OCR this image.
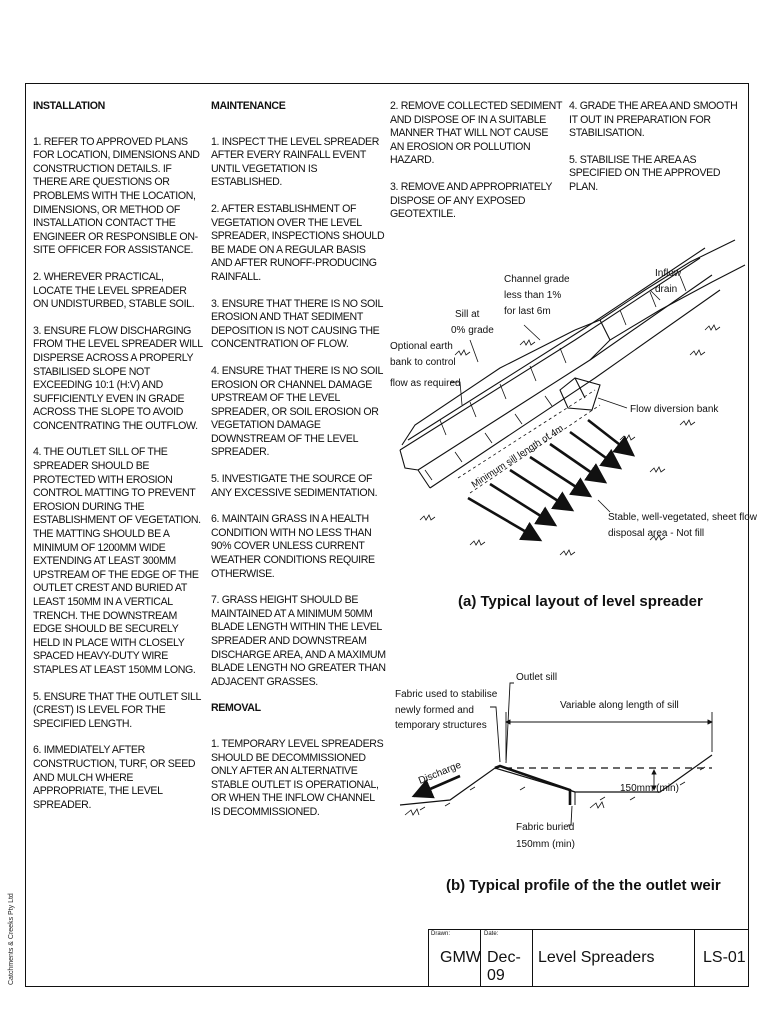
INSTALLATION

1. REFER TO APPROVED PLANS FOR LOCATION, DIMENSIONS AND CONSTRUCTION DETAILS. IF THERE ARE QUESTIONS OR PROBLEMS WITH THE LOCATION, DIMENSIONS, OR METHOD OF INSTALLATION CONTACT THE ENGINEER OR RESPONSIBLE ON-SITE OFFICER FOR ASSISTANCE.

2. WHEREVER PRACTICAL, LOCATE THE LEVEL SPREADER ON UNDISTURBED, STABLE SOIL.

3. ENSURE FLOW DISCHARGING FROM THE LEVEL SPREADER WILL DISPERSE ACROSS A PROPERLY STABILISED SLOPE NOT EXCEEDING 10:1 (H:V) AND SUFFICIENTLY EVEN IN GRADE ACROSS THE SLOPE TO AVOID CONCENTRATING THE OUTFLOW.

4. THE OUTLET SILL OF THE SPREADER SHOULD BE PROTECTED WITH EROSION CONTROL MATTING TO PREVENT EROSION DURING THE ESTABLISHMENT OF VEGETATION. THE MATTING SHOULD BE A MINIMUM OF 1200MM WIDE EXTENDING AT LEAST 300MM UPSTREAM OF THE EDGE OF THE OUTLET CREST AND BURIED AT LEAST 150MM IN A VERTICAL TRENCH. THE DOWNSTREAM EDGE SHOULD BE SECURELY HELD IN PLACE WITH CLOSELY SPACED HEAVY-DUTY WIRE STAPLES AT LEAST 150MM LONG.

5. ENSURE THAT THE OUTLET SILL (CREST) IS LEVEL FOR THE SPECIFIED LENGTH.

6. IMMEDIATELY AFTER CONSTRUCTION, TURF, OR SEED AND MULCH WHERE APPROPRIATE, THE LEVEL SPREADER.

MAINTENANCE

1. INSPECT THE LEVEL SPREADER AFTER EVERY RAINFALL EVENT UNTIL VEGETATION IS ESTABLISHED.

2. AFTER ESTABLISHMENT OF VEGETATION OVER THE LEVEL SPREADER, INSPECTIONS SHOULD BE MADE ON A REGULAR BASIS AND AFTER RUNOFF-PRODUCING RAINFALL.

3. ENSURE THAT THERE IS NO SOIL EROSION AND THAT SEDIMENT DEPOSITION IS NOT CAUSING THE CONCENTRATION OF FLOW.

4. ENSURE THAT THERE IS NO SOIL EROSION OR CHANNEL DAMAGE UPSTREAM OF THE LEVEL SPREADER, OR SOIL EROSION OR VEGETATION DAMAGE DOWNSTREAM OF THE LEVEL SPREADER.

5. INVESTIGATE THE SOURCE OF ANY EXCESSIVE SEDIMENTATION.

6. MAINTAIN GRASS IN A HEALTH CONDITION WITH NO LESS THAN 90% COVER UNLESS CURRENT WEATHER CONDITIONS REQUIRE OTHERWISE.

7. GRASS HEIGHT SHOULD BE MAINTAINED AT A MINIMUM 50MM BLADE LENGTH WITHIN THE LEVEL SPREADER AND DOWNSTREAM DISCHARGE AREA, AND A MAXIMUM BLADE LENGTH NO GREATER THAN ADJACENT GRASSES.

REMOVAL

1. TEMPORARY LEVEL SPREADERS SHOULD BE DECOMMISSIONED ONLY AFTER AN ALTERNATIVE STABLE OUTLET IS OPERATIONAL, OR WHEN THE INFLOW CHANNEL IS DECOMMISSIONED.

2. REMOVE COLLECTED SEDIMENT AND DISPOSE OF IN A SUITABLE MANNER THAT WILL NOT CAUSE AN EROSION OR POLLUTION HAZARD.

3. REMOVE AND APPROPRIATELY DISPOSE OF ANY EXPOSED GEOTEXTILE.

4. GRADE THE AREA AND SMOOTH IT OUT IN PREPARATION FOR STABILISATION.

5. STABILISE THE AREA AS SPECIFIED ON THE APPROVED PLAN.

Channel grade
less than 1%
for last 6m
Inflow
drain
Sill at
0% grade
Optional earth
bank to control
flow as required
Flow diversion bank
Minimum sill length of 4m
Stable, well-vegetated, sheet flow
disposal area - Not fill
(a) Typical layout of level spreader
Fabric used to stabilise
newly formed and
temporary structures
Outlet sill
Variable along length of sill
Discharge
150mm (min)
Fabric buried
150mm (min)
(b) Typical profile of the the outlet weir
Drawn:
GMW
Date:
Dec-09
Level Spreaders	LS-01
Catchments & Creeks Pty Ltd
